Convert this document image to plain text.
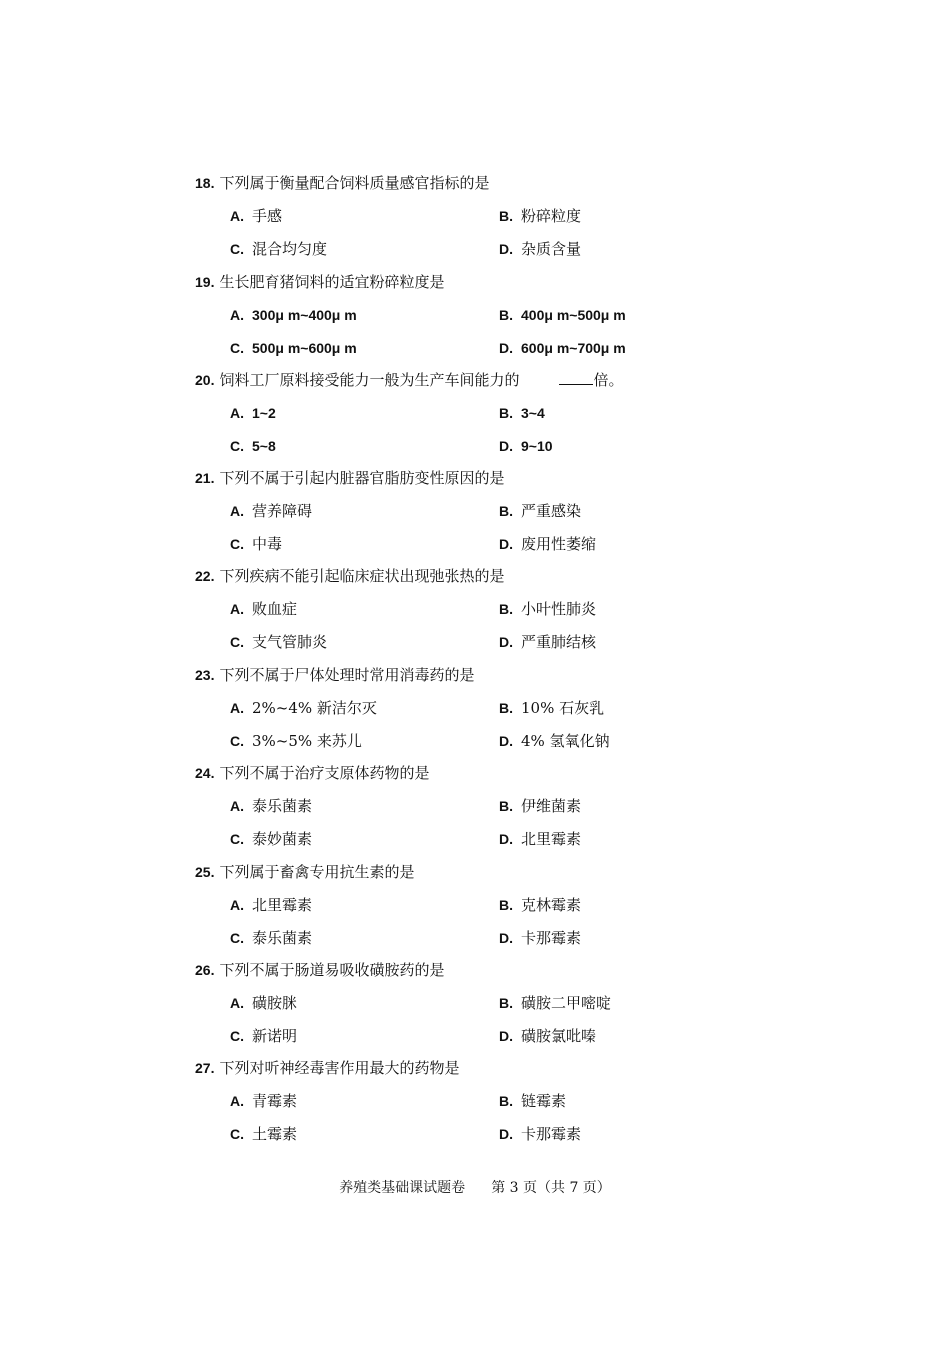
18. 下列属于衡量配合饲料质量感官指标的是
A. 手感	B. 粉碎粒度
C. 混合均匀度	D. 杂质含量
19. 生长肥育猪饲料的适宜粉碎粒度是
A. 300μ m~400μ m	B. 400μ m~500μ m
C. 500μ m~600μ m	D. 600μ m~700μ m
20. 饲料工厂原料接受能力一般为生产车间能力的	倍。
A. 1~2	B. 3~4
C. 5~8	D. 9~10
21. 下列不属于引起内脏器官脂肪变性原因的是
A. 营养障碍	B. 严重感染
C. 中毒	D. 废用性萎缩
22. 下列疾病不能引起临床症状出现弛张热的是
A. 败血症	B. 小叶性肺炎
C. 支气管肺炎	D. 严重肺结核
23. 下列不属于尸体处理时常用消毒药的是
A. 2%~4% 新洁尔灭	B. 10% 石灰乳
C. 3%~5% 来苏儿	D. 4% 氢氧化钠
24. 下列不属于治疗支原体药物的是
A. 泰乐菌素	B. 伊维菌素
C. 泰妙菌素	D. 北里霉素
25. 下列属于畜禽专用抗生素的是
A. 北里霉素	B. 克林霉素
C. 泰乐菌素	D. 卡那霉素
26. 下列不属于肠道易吸收磺胺药的是
A. 磺胺脒	B. 磺胺二甲嘧啶
C. 新诺明	D. 磺胺氯吡嗪
27. 下列对听神经毒害作用最大的药物是
A. 青霉素	B. 链霉素
C. 土霉素	D. 卡那霉素
养殖类基础课试题卷 第 3 页（共 7 页）
